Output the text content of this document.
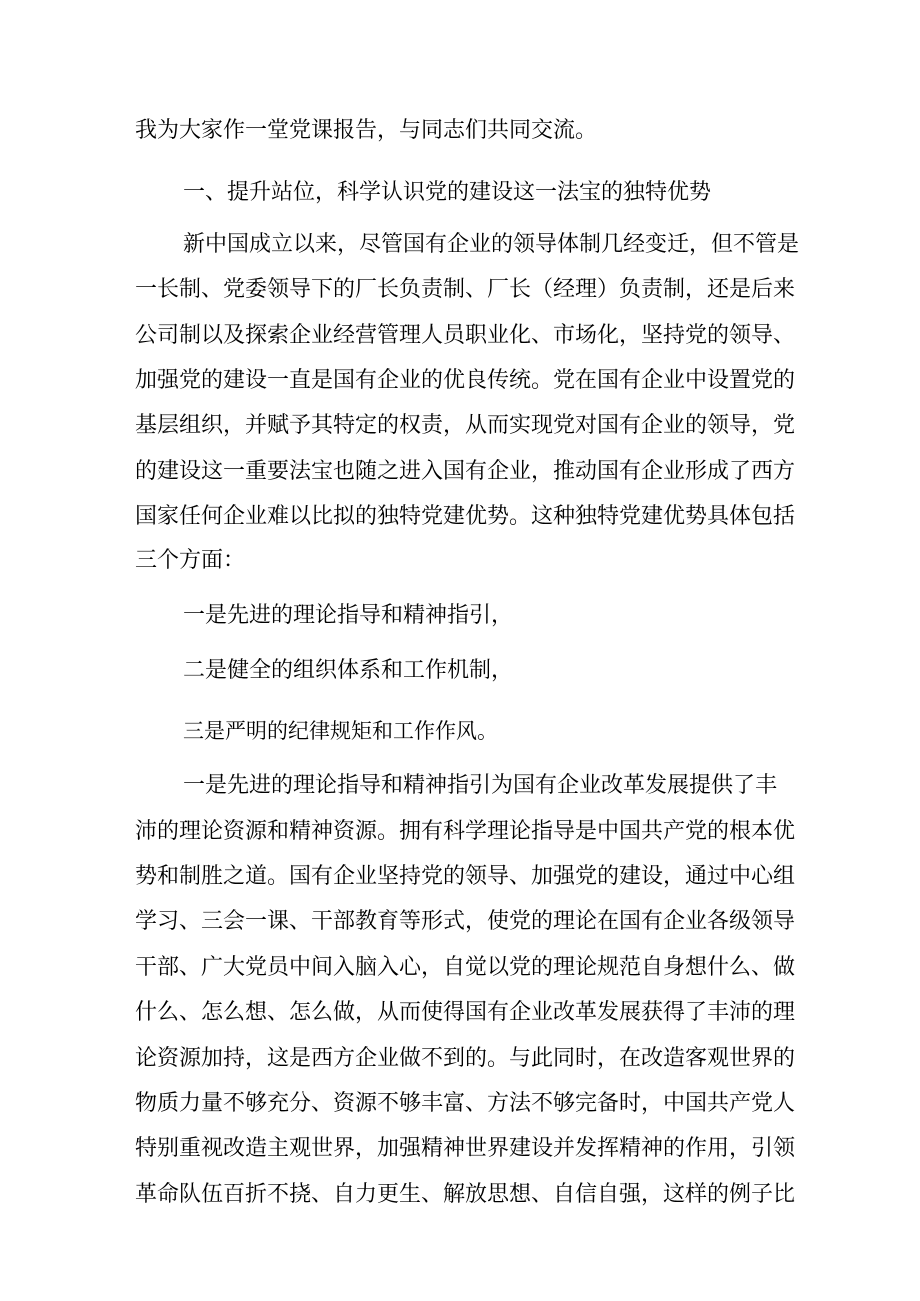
我为大家作一堂党课报告，与同志们共同交流。

一、提升站位，科学认识党的建设这一法宝的独特优势

新中国成立以来，尽管国有企业的领导体制几经变迁，但不管是

一长制、党委领导下的厂长负责制、厂长（经理）负责制，还是后来

公司制以及探索企业经营管理人员职业化、市场化，坚持党的领导、

加强党的建设一直是国有企业的优良传统。党在国有企业中设置党的

基层组织，并赋予其特定的权责，从而实现党对国有企业的领导，党

的建设这一重要法宝也随之进入国有企业，推动国有企业形成了西方

国家任何企业难以比拟的独特党建优势。这种独特党建优势具体包括

三个方面：

一是先进的理论指导和精神指引，

二是健全的组织体系和工作机制，

三是严明的纪律规矩和工作作风。

一是先进的理论指导和精神指引为国有企业改革发展提供了丰

沛的理论资源和精神资源。拥有科学理论指导是中国共产党的根本优

势和制胜之道。国有企业坚持党的领导、加强党的建设，通过中心组

学习、三会一课、干部教育等形式，使党的理论在国有企业各级领导

干部、广大党员中间入脑入心，自觉以党的理论规范自身想什么、做

什么、怎么想、怎么做，从而使得国有企业改革发展获得了丰沛的理

论资源加持，这是西方企业做不到的。与此同时，在改造客观世界的

物质力量不够充分、资源不够丰富、方法不够完备时，中国共产党人

特别重视改造主观世界，加强精神世界建设并发挥精神的作用，引领

革命队伍百折不挠、自力更生、解放思想、自信自强，这样的例子比
